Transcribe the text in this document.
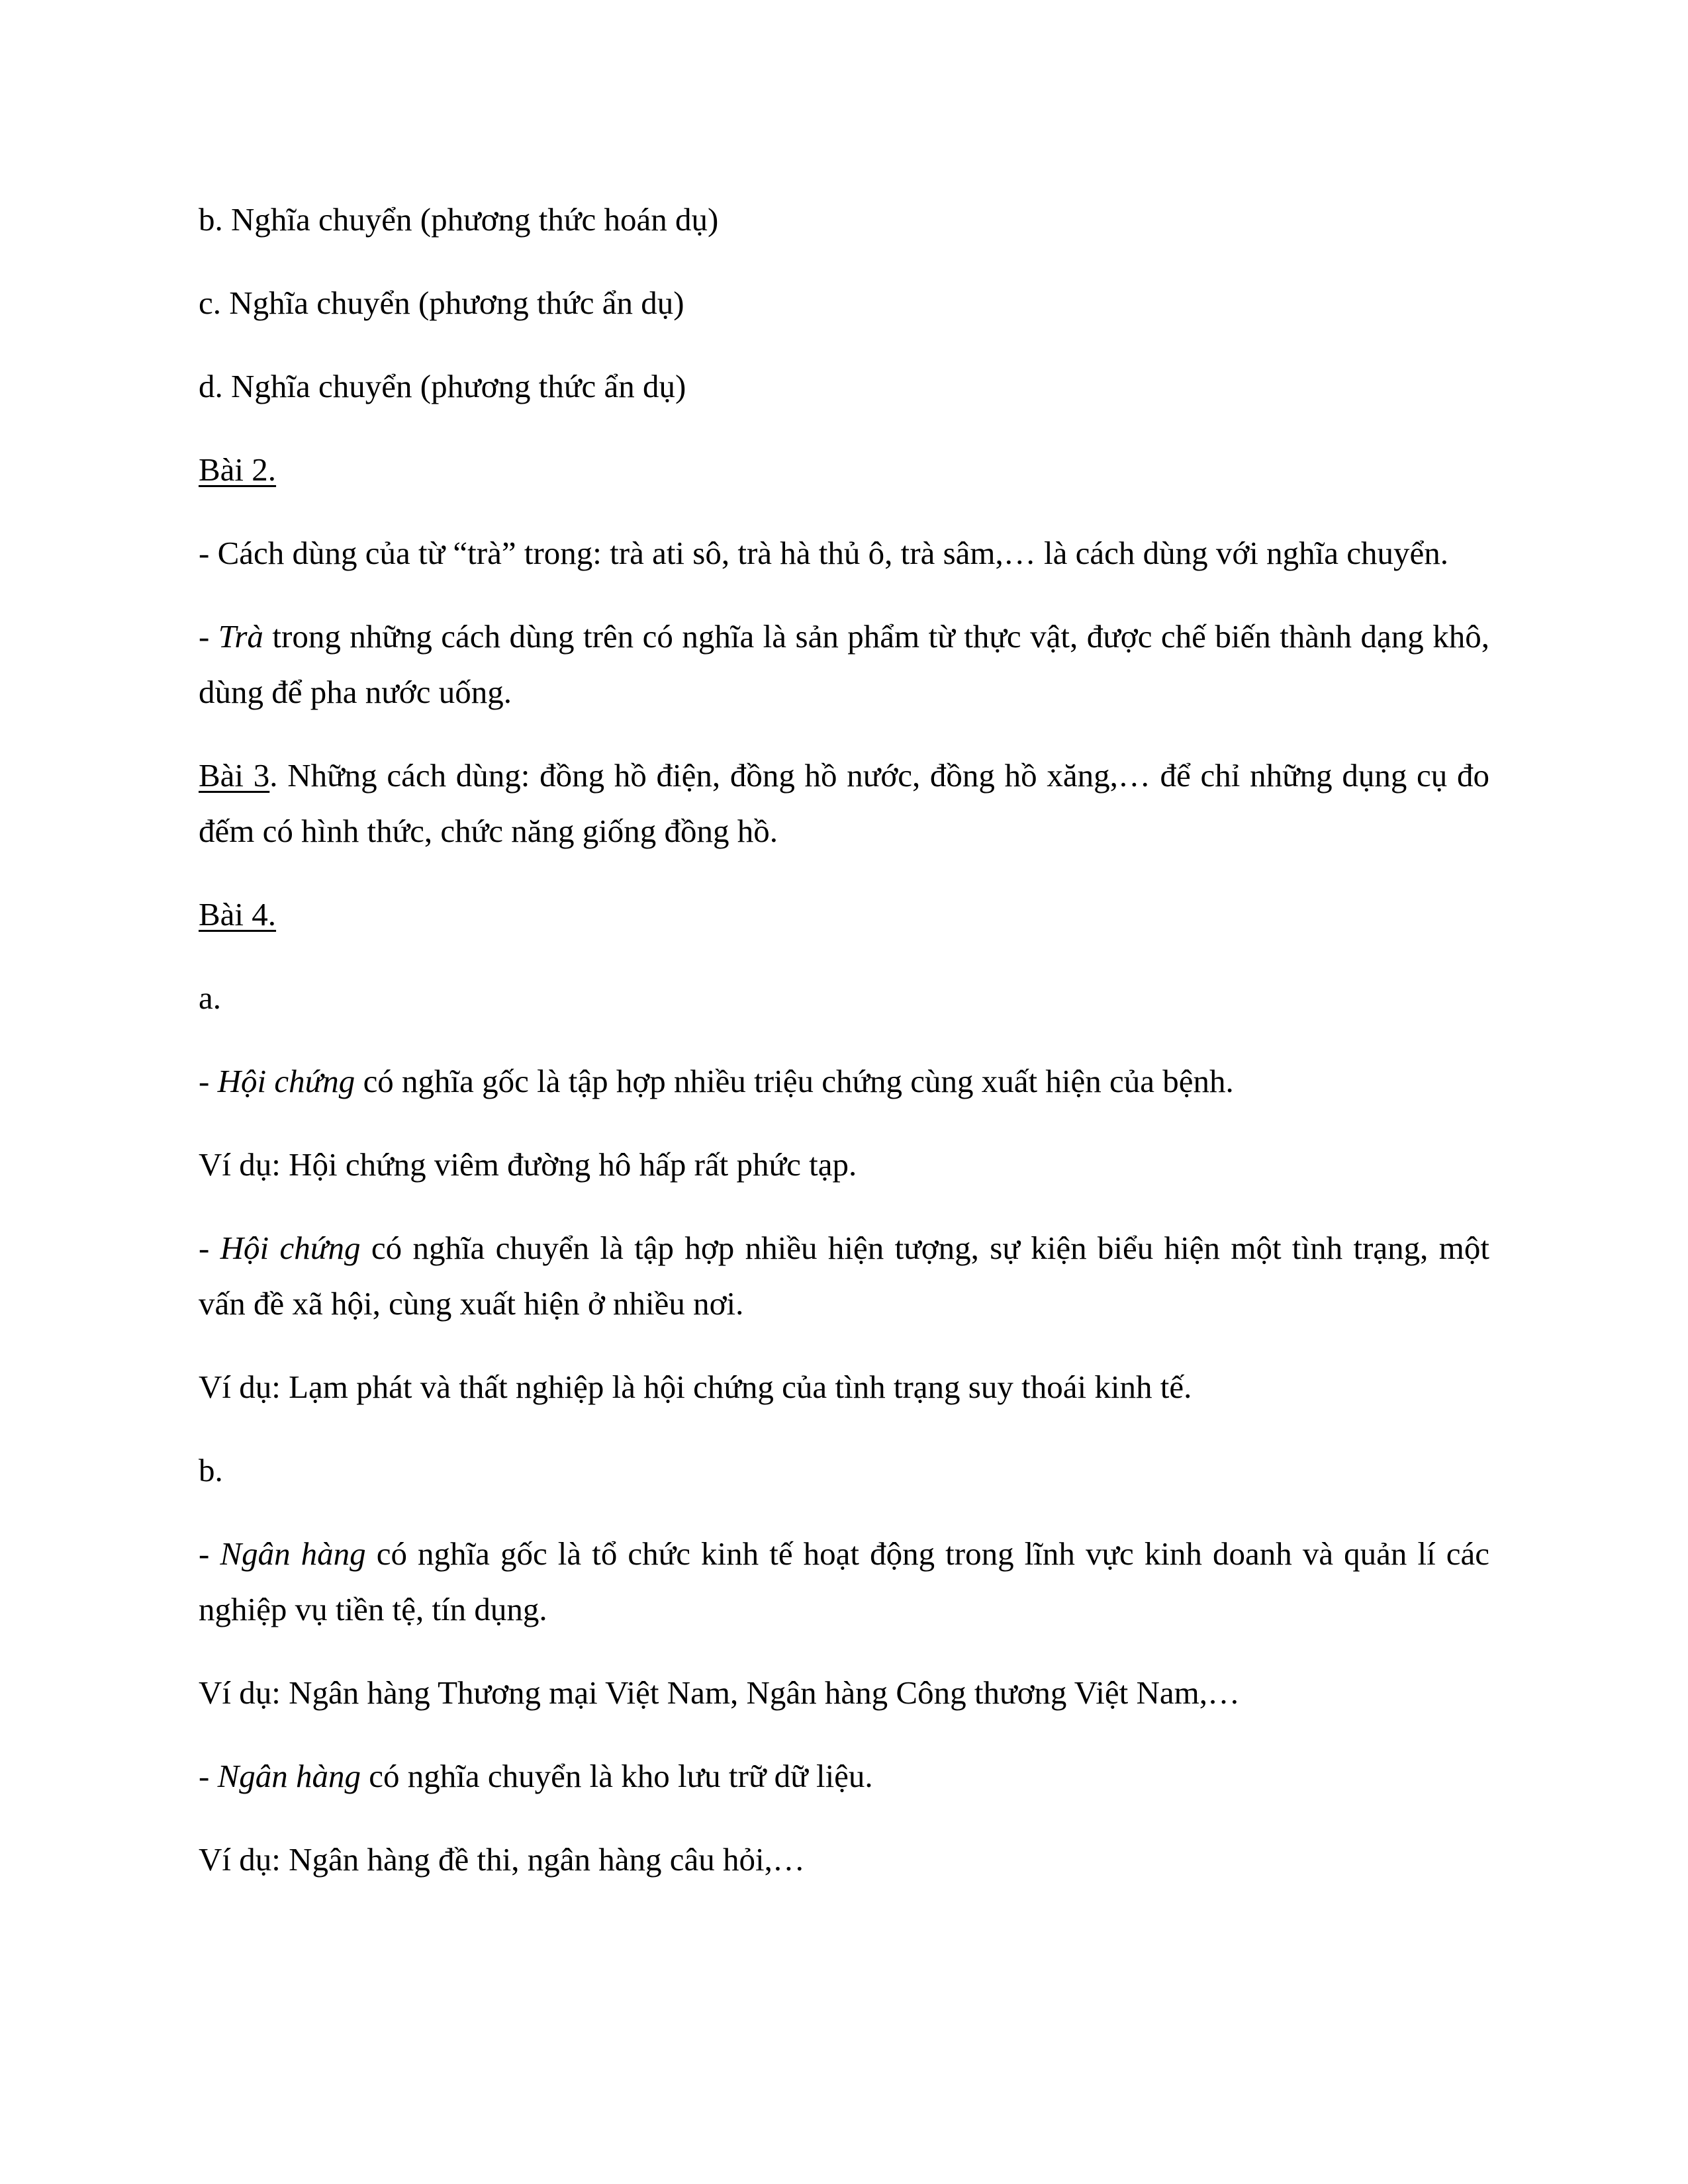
b. Nghĩa chuyển (phương thức hoán dụ)

c. Nghĩa chuyển (phương thức ẩn dụ)

d. Nghĩa chuyển (phương thức ẩn dụ)

Bài 2.

- Cách dùng của từ “trà” trong: trà ati sô, trà hà thủ ô, trà sâm,… là cách dùng với nghĩa chuyển.

- Trà trong những cách dùng trên có nghĩa là sản phẩm từ thực vật, được chế biến thành dạng khô, dùng để pha nước uống.

Bài 3. Những cách dùng: đồng hồ điện, đồng hồ nước, đồng hồ xăng,… để chỉ những dụng cụ đo đếm có hình thức, chức năng giống đồng hồ.

Bài 4.

a.

- Hội chứng có nghĩa gốc là tập hợp nhiều triệu chứng cùng xuất hiện của bệnh.

Ví dụ: Hội chứng viêm đường hô hấp rất phức tạp.

- Hội chứng có nghĩa chuyển là tập hợp nhiều hiện tượng, sự kiện biểu hiện một tình trạng, một vấn đề xã hội, cùng xuất hiện ở nhiều nơi.

Ví dụ: Lạm phát và thất nghiệp là hội chứng của tình trạng suy thoái kinh tế.

b.

- Ngân hàng có nghĩa gốc là tổ chức kinh tế hoạt động trong lĩnh vực kinh doanh và quản lí các nghiệp vụ tiền tệ, tín dụng.

Ví dụ: Ngân hàng Thương mại Việt Nam, Ngân hàng Công thương Việt Nam,…

- Ngân hàng có nghĩa chuyển là kho lưu trữ dữ liệu.

Ví dụ: Ngân hàng đề thi, ngân hàng câu hỏi,…
